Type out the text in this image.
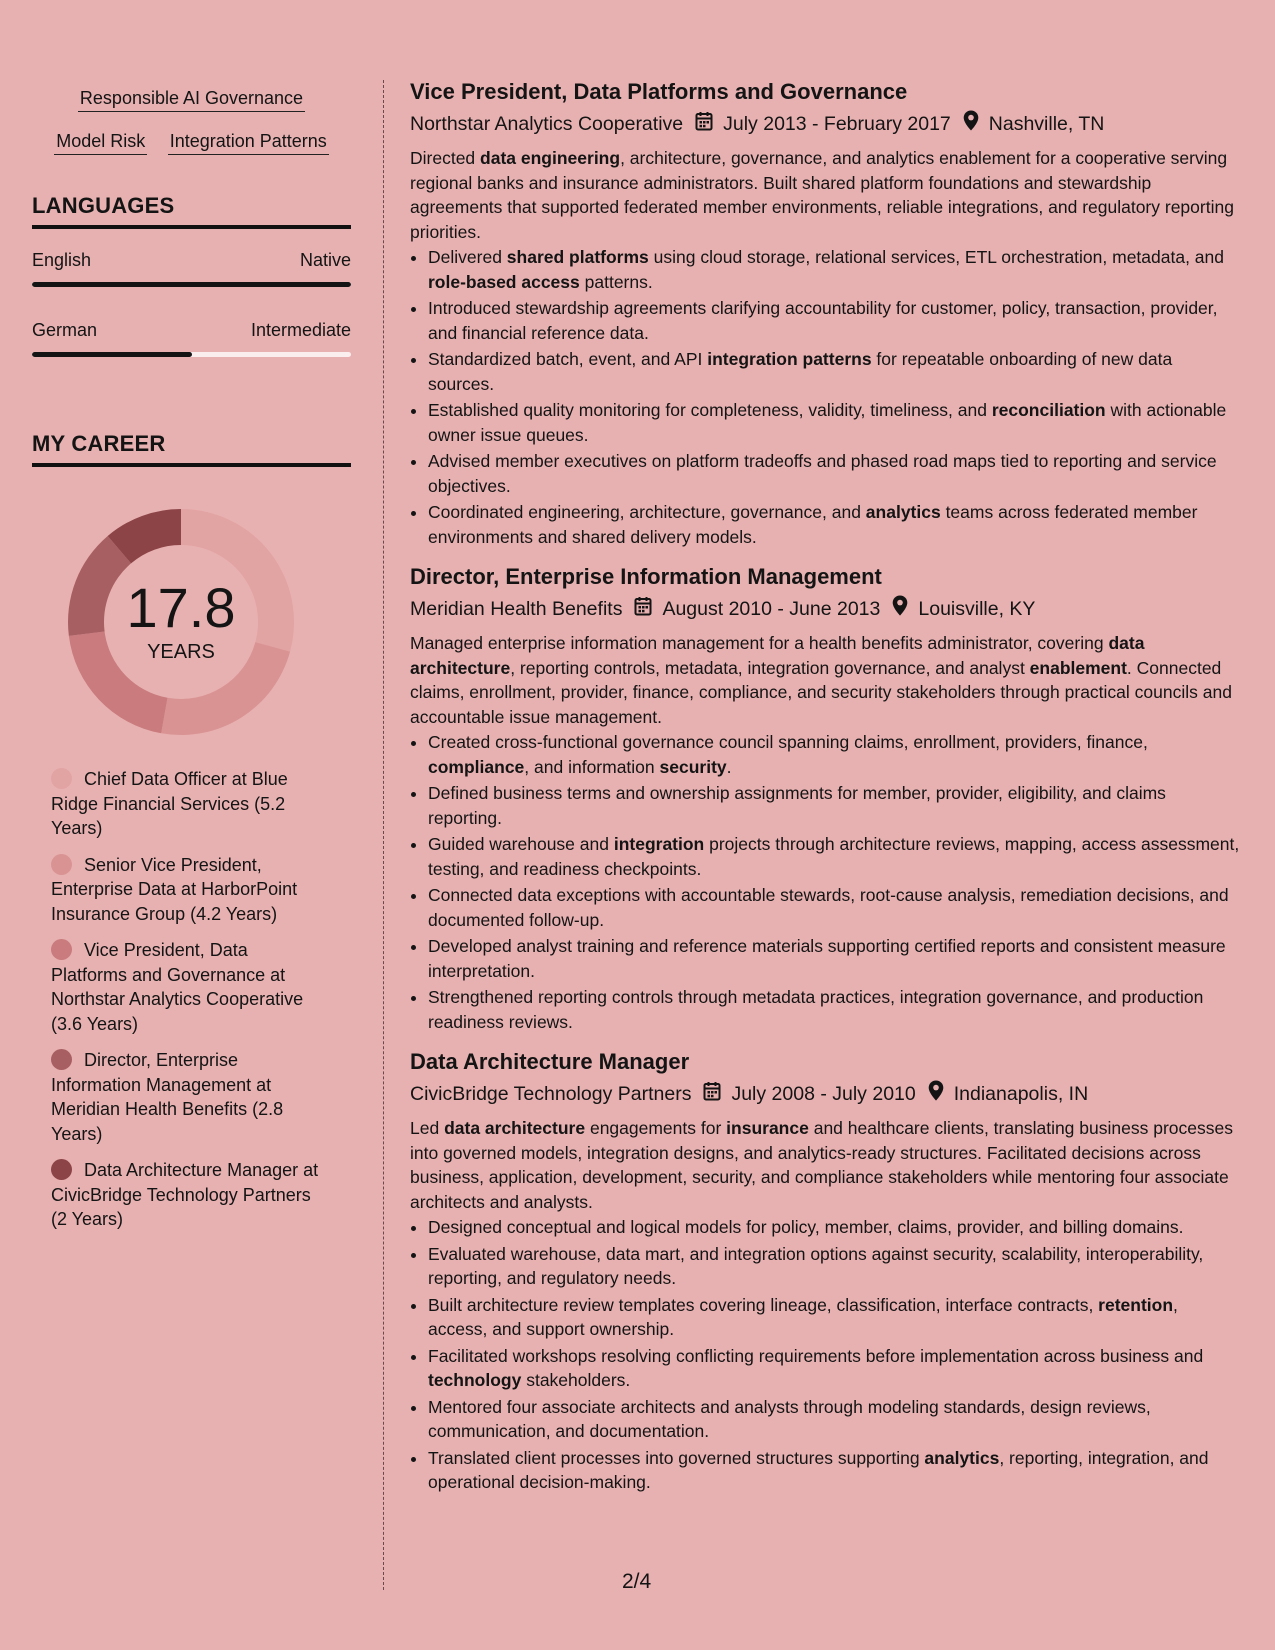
Responsible AI Governance
Model Risk Integration Patterns
LANGUAGES
English	Native
German	Intermediate
MY CAREER
17.8
YEARS
Chief Data Officer at Blue Ridge Financial Services (5.2 Years)
Senior Vice President, Enterprise Data at HarborPoint Insurance Group (4.2 Years)
Vice President, Data Platforms and Governance at Northstar Analytics Cooperative (3.6 Years)
Director, Enterprise Information Management at Meridian Health Benefits (2.8 Years)
Data Architecture Manager at CivicBridge Technology Partners (2 Years)
Vice President, Data Platforms and Governance
Northstar Analytics Cooperative July 2013 - February 2017 Nashville, TN

Directed data engineering, architecture, governance, and analytics enablement for a cooperative serving regional banks and insurance administrators. Built shared platform foundations and stewardship agreements that supported federated member environments, reliable integrations, and regulatory reporting priorities.

• Delivered shared platforms using cloud storage, relational services, ETL orchestration, metadata, and role-based access patterns.
• Introduced stewardship agreements clarifying accountability for customer, policy, transaction, provider, and financial reference data.
• Standardized batch, event, and API integration patterns for repeatable onboarding of new data sources.
• Established quality monitoring for completeness, validity, timeliness, and reconciliation with actionable owner issue queues.
• Advised member executives on platform tradeoffs and phased road maps tied to reporting and service objectives.
• Coordinated engineering, architecture, governance, and analytics teams across federated member environments and shared delivery models.
Director, Enterprise Information Management
Meridian Health Benefits August 2010 - June 2013 Louisville, KY

Managed enterprise information management for a health benefits administrator, covering data architecture, reporting controls, metadata, integration governance, and analyst enablement. Connected claims, enrollment, provider, finance, compliance, and security stakeholders through practical councils and accountable issue management.

• Created cross-functional governance council spanning claims, enrollment, providers, finance, compliance, and information security.
• Defined business terms and ownership assignments for member, provider, eligibility, and claims reporting.
• Guided warehouse and integration projects through architecture reviews, mapping, access assessment, testing, and readiness checkpoints.
• Connected data exceptions with accountable stewards, root-cause analysis, remediation decisions, and documented follow-up.
• Developed analyst training and reference materials supporting certified reports and consistent measure interpretation.
• Strengthened reporting controls through metadata practices, integration governance, and production readiness reviews.
Data Architecture Manager
CivicBridge Technology Partners July 2008 - July 2010 Indianapolis, IN

Led data architecture engagements for insurance and healthcare clients, translating business processes into governed models, integration designs, and analytics-ready structures. Facilitated decisions across business, application, development, security, and compliance stakeholders while mentoring four associate architects and analysts.

• Designed conceptual and logical models for policy, member, claims, provider, and billing domains.
• Evaluated warehouse, data mart, and integration options against security, scalability, interoperability, reporting, and regulatory needs.
• Built architecture review templates covering lineage, classification, interface contracts, retention, access, and support ownership.
• Facilitated workshops resolving conflicting requirements before implementation across business and technology stakeholders.
• Mentored four associate architects and analysts through modeling standards, design reviews, communication, and documentation.
• Translated client processes into governed structures supporting analytics, reporting, integration, and operational decision-making.
2/4
